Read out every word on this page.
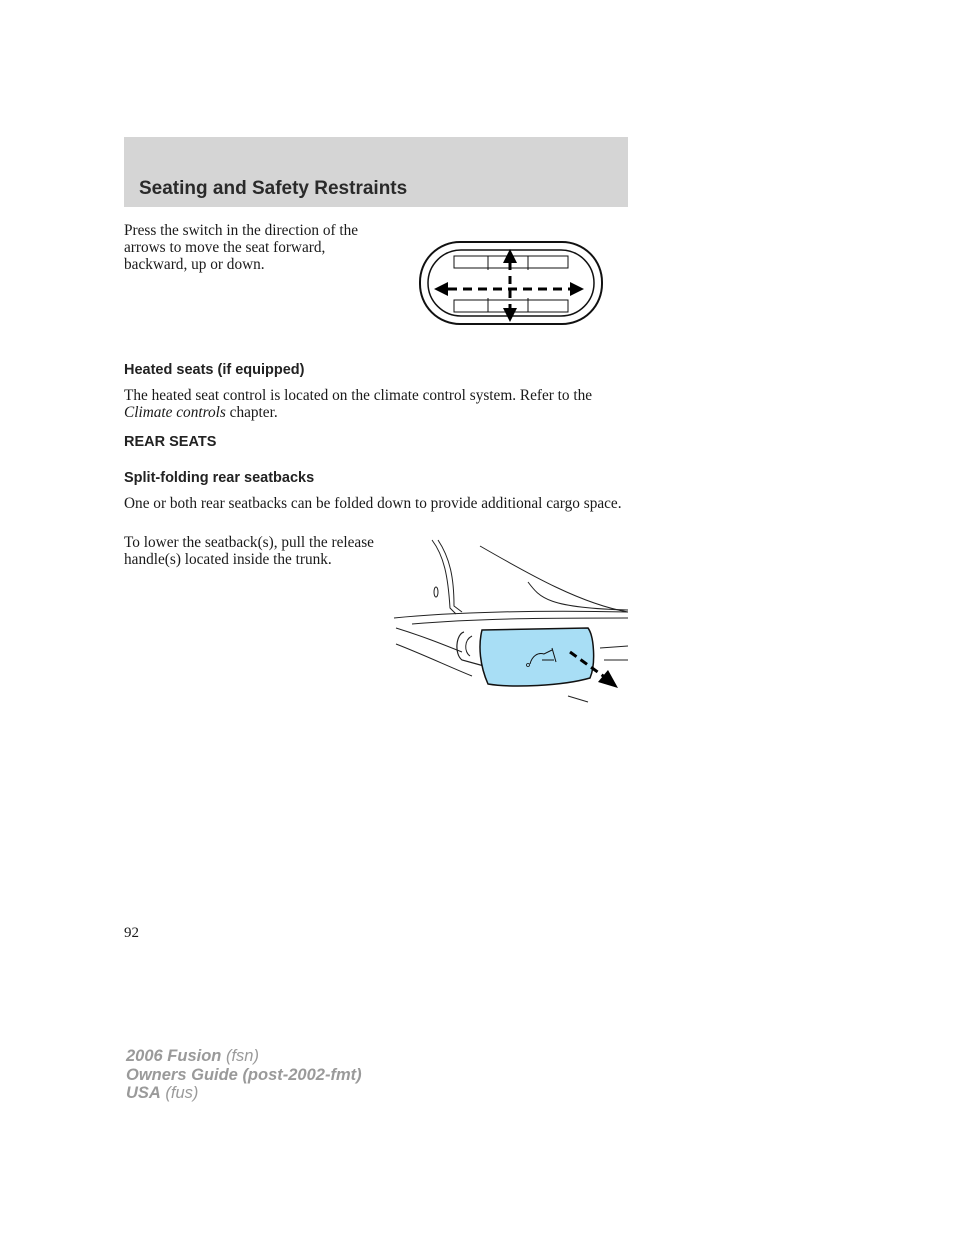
Seating and Safety Restraints
Press the switch in the direction of the arrows to move the seat forward, backward, up or down.
Heated seats (if equipped)
The heated seat control is located on the climate control system. Refer to the Climate controls chapter.
REAR SEATS
Split-folding rear seatbacks
One or both rear seatbacks can be folded down to provide additional cargo space.
To lower the seatback(s), pull the release handle(s) located inside the trunk.
92
2006 Fusion (fsn)
Owners Guide (post-2002-fmt)
USA (fus)
